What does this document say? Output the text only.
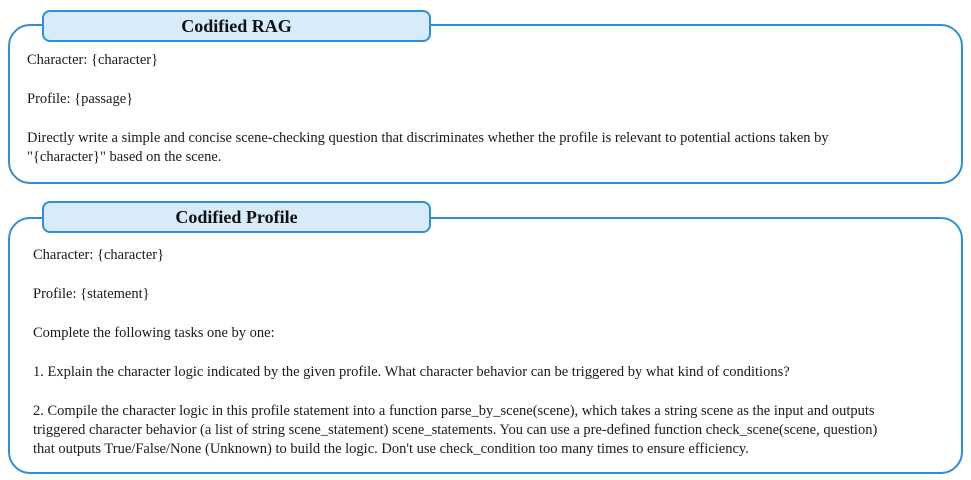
Codified RAG
Character: {character}
Profile: {passage}
Directly write a simple and concise scene-checking question that discriminates whether the profile is relevant to potential actions taken by
"{character}" based on the scene.
Codified Profile
Character: {character}
Profile: {statement}
Complete the following tasks one by one:
1. Explain the character logic indicated by the given profile. What character behavior can be triggered by what kind of conditions?
2. Compile the character logic in this profile statement into a function parse_by_scene(scene), which takes a string scene as the input and outputs
triggered character behavior (a list of string scene_statement) scene_statements. You can use a pre-defined function check_scene(scene, question)
that outputs True/False/None (Unknown) to build the logic. Don't use check_condition too many times to ensure efficiency.
